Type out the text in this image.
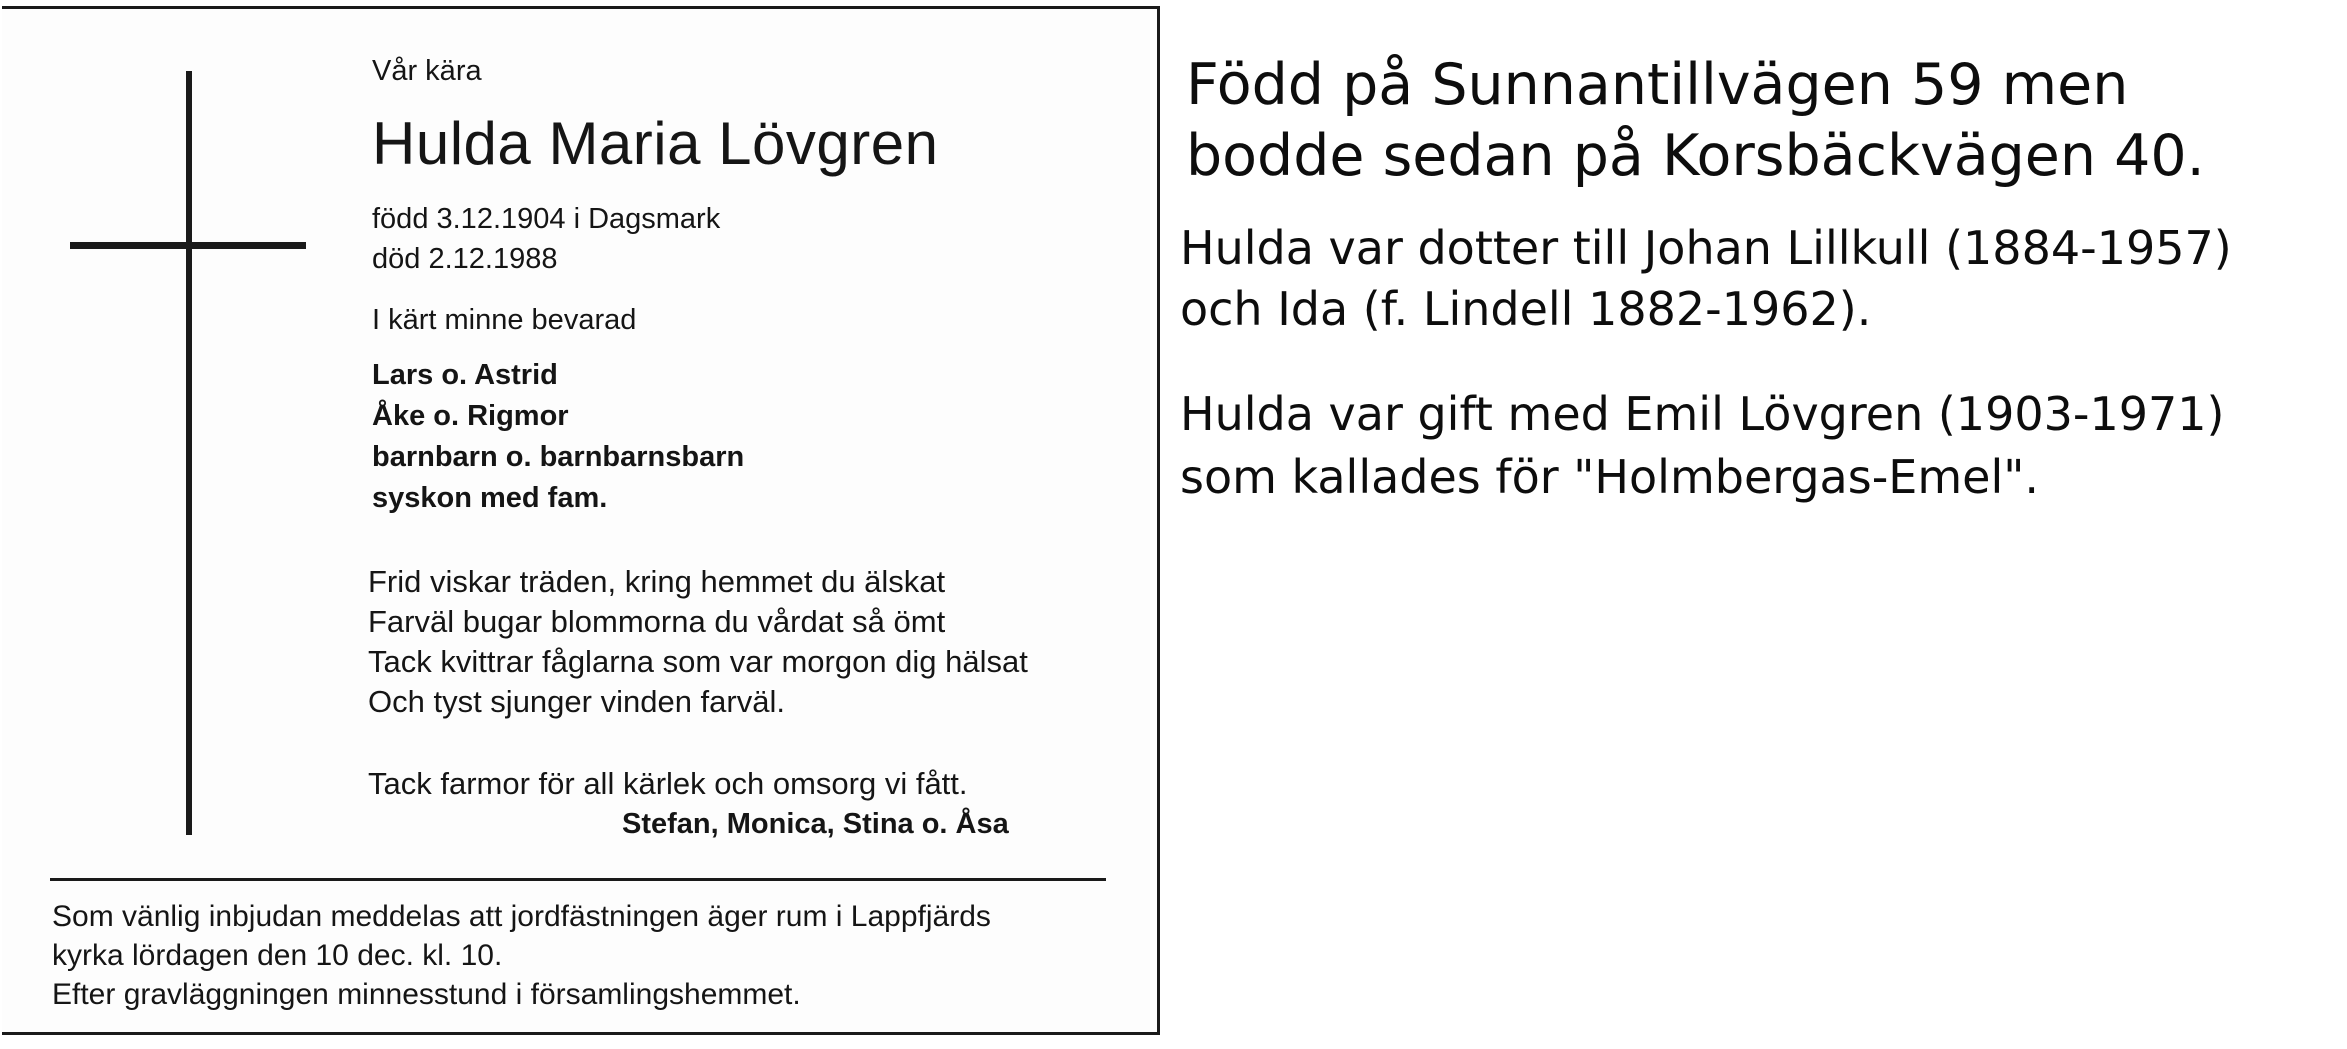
Vår kära

Hulda Maria Lövgren
född 3.12.1904 i Dagsmark
död 2.12.1988

I kärt minne bevarad

Lars o. Astrid
Åke o. Rigmor
barnbarn o. barnbarnsbarn
syskon med fam.
Frid viskar träden, kring hemmet du älskat
Farväl bugar blommorna du vårdat så ömt
Tack kvittrar fåglarna som var morgon dig hälsat
Och tyst sjunger vinden farväl.

Tack farmor för all kärlek och omsorg vi fått.

Stefan, Monica, Stina o. Åsa

Som vänlig inbjudan meddelas att jordfästningen äger rum i Lappfjärds
kyrka lördagen den 10 dec. kl. 10.
Efter gravläggningen minnesstund i församlingshemmet.
Född på Sunnantillvägen 59 men
bodde sedan på Korsbäckvägen 40.
Hulda var dotter till Johan Lillkull (1884-1957)
och Ida (f. Lindell 1882-1962).
Hulda var gift med Emil Lövgren (1903-1971)
som kallades för "Holmbergas-Emel".
